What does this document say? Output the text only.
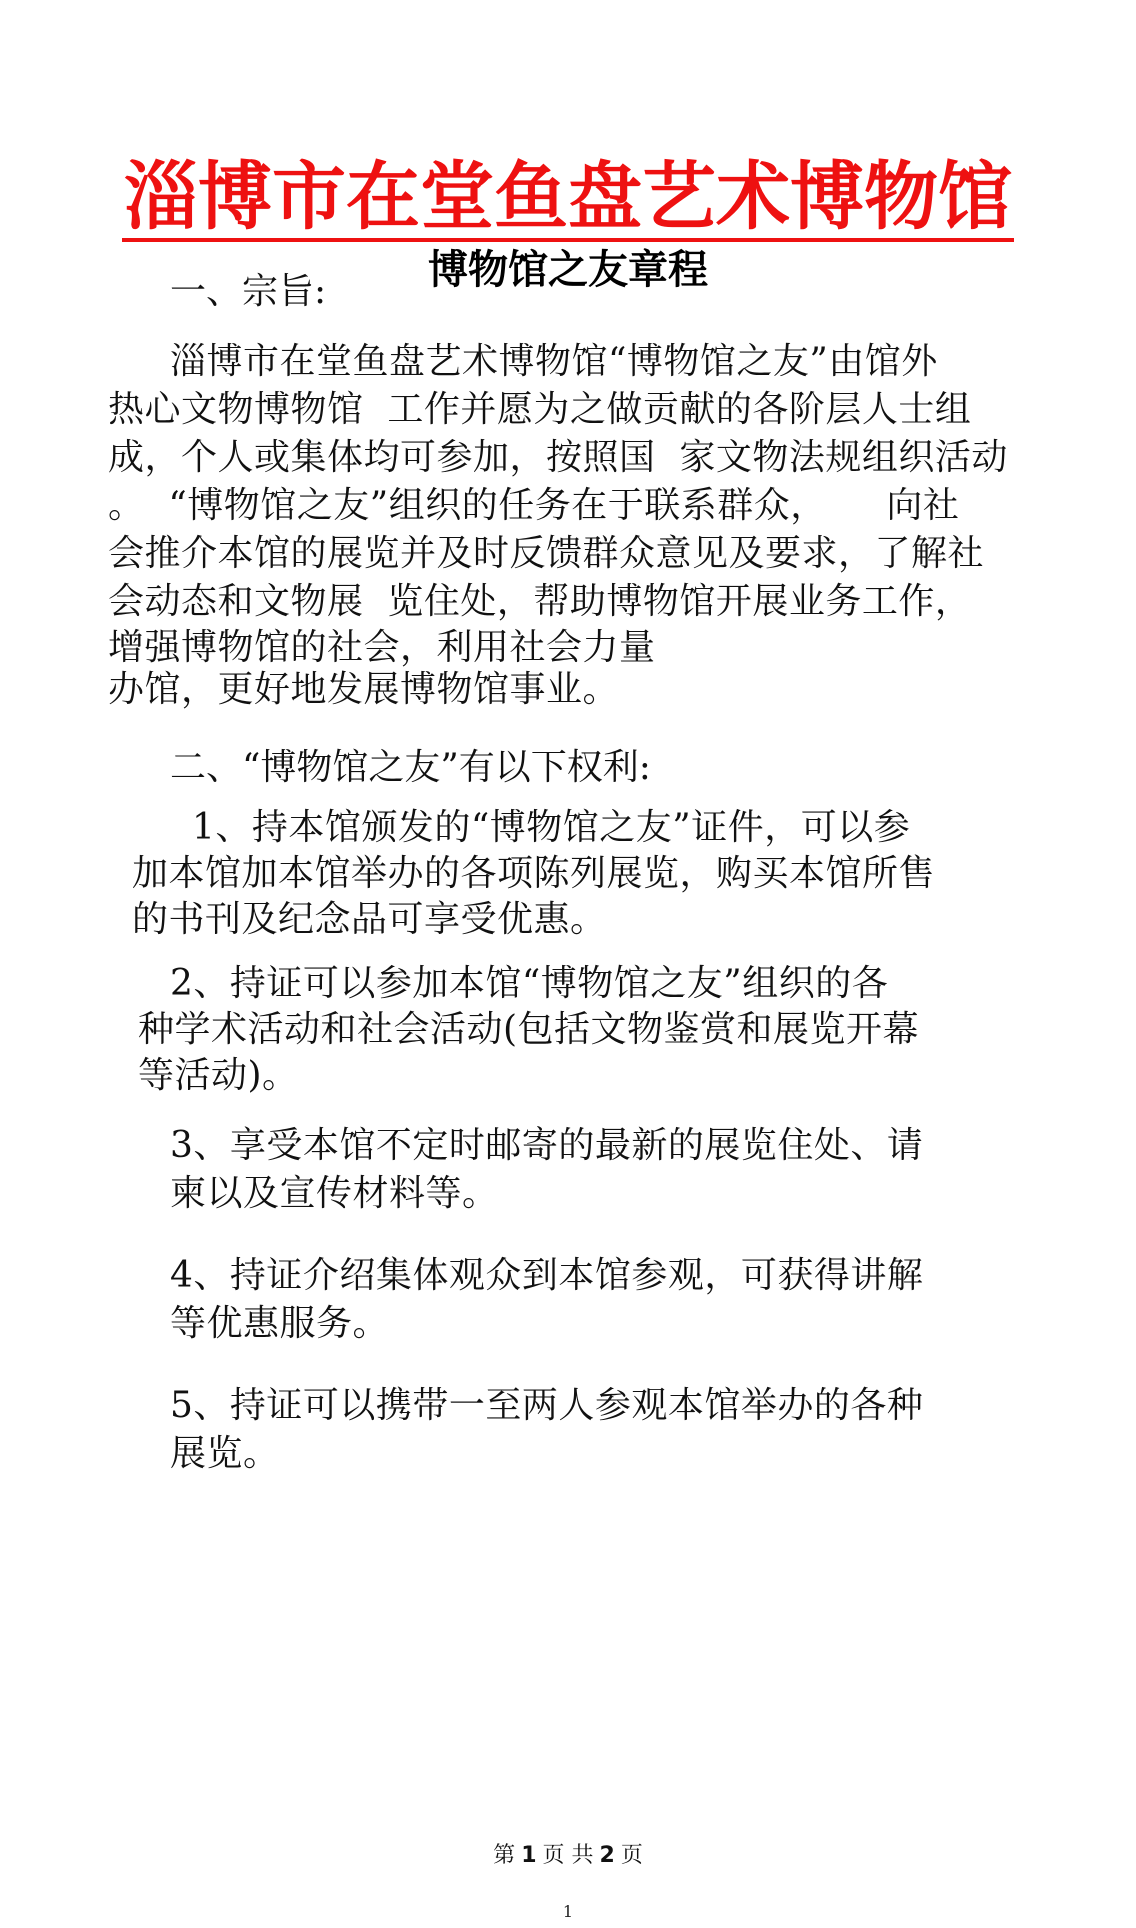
淄博市在堂鱼盘艺术博物馆
博物馆之友章程

一、宗旨:

淄博市在堂鱼盘艺术博物馆“博物馆之友”由馆外

热心文物博物馆  工作并愿为之做贡献的各阶层人士组

成，个人或集体均可参加，按照国  家文物法规组织活动

。  “博物馆之友”组织的任务在于联系群众，     向社

会推介本馆的展览并及时反馈群众意见及要求，了解社

会动态和文物展  览住处，帮助博物馆开展业务工作，

增强博物馆的社会，利用社会力量

办馆，更好地发展博物馆事业。

二、“博物馆之友”有以下权利:

1、持本馆颁发的“博物馆之友”证件，可以参

加本馆加本馆举办的各项陈列展览，购买本馆所售

的书刊及纪念品可享受优惠。

2、持证可以参加本馆“博物馆之友”组织的各

种学术活动和社会活动(包括文物鉴赏和展览开幕

等活动)。

3、享受本馆不定时邮寄的最新的展览住处、请

柬以及宣传材料等。

4、持证介绍集体观众到本馆参观，可获得讲解

等优惠服务。

5、持证可以携带一至两人参观本馆举办的各种

展览。

第 1 页 共 2 页

1
